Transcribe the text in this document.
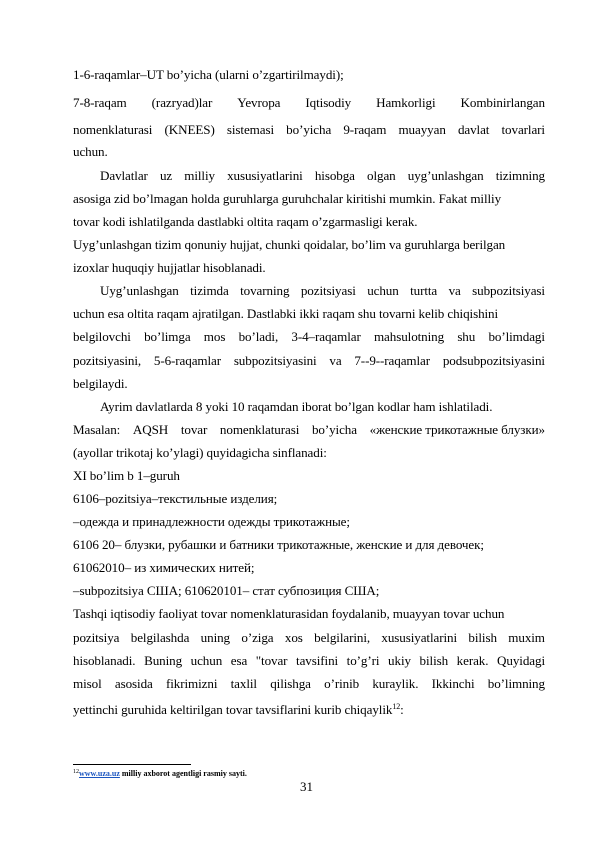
1-6-raqamlar–UT bo’yicha (ularni o’zgartirilmaydi);
7-8-raqam (razryad)lar Yevropa Iqtisodiy Hamkorligi Kombinirlangan
nomenklaturasi (KNEES) sistemasi bo’yicha 9-raqam muayyan davlat tovarlari
uchun.
Davlatlar uz milliy xususiyatlarini hisobga olgan uyg’unlashgan tizimning
asosiga zid bo’lmagan holda guruhlarga guruhchalar kiritishi mumkin. Fakat milliy
tovar kodi ishlatilganda dastlabki oltita raqam o’zgarmasligi kerak.
Uyg’unlashgan tizim qonuniy hujjat, chunki qoidalar, bo’lim va guruhlarga berilgan
izoxlar huquqiy hujjatlar hisoblanadi.
Uyg’unlashgan tizimda tovarning pozitsiyasi uchun turtta va subpozitsiyasi
uchun esa oltita raqam ajratilgan. Dastlabki ikki raqam shu tovarni kelib chiqishini
belgilovchi bo’limga mos bo’ladi, 3-4–raqamlar mahsulotning shu bo’limdagi
pozitsiyasini, 5-6-raqamlar subpozitsiyasini va 7--9--raqamlar podsubpozitsiyasini
belgilaydi.
Ayrim davlatlarda 8 yoki 10 raqamdan iborat bo’lgan kodlar ham ishlatiladi.
Masalan: AQSH tovar nomenklaturasi bo’yicha «женские трикотажные блузки»
(ayollar trikotaj ko’ylagi) quyidagicha sinflanadi:
XI bo’lim b 1–guruh
6106–pozitsiya–текстильные изделия;
–одежда и принадлежности одежды трикотажные;
6106 20– блузки, рубашки и батники трикотажные, женские и для девочек;
61062010– из химических нитей;
–subpozitsiya США; 610620101– стат субпозиция США;
Tashqi iqtisodiy faoliyat tovar nomenklaturasidan foydalanib, muayyan tovar uchun
pozitsiya belgilashda uning o’ziga xos belgilarini, xususiyatlarini bilish muxim
hisoblanadi. Buning uchun esa "tovar tavsifini to’g’ri ukiy bilish kerak. Quyidagi
misol asosida fikrimizni taxlil qilishga o’rinib kuraylik. Ikkinchi bo’limning
yettinchi guruhida keltirilgan tovar tavsiflarini kurib chiqaylik$^{12}$:
$^{12}$www.uza.uz milliy axborot agentligi rasmiy sayti.
31
